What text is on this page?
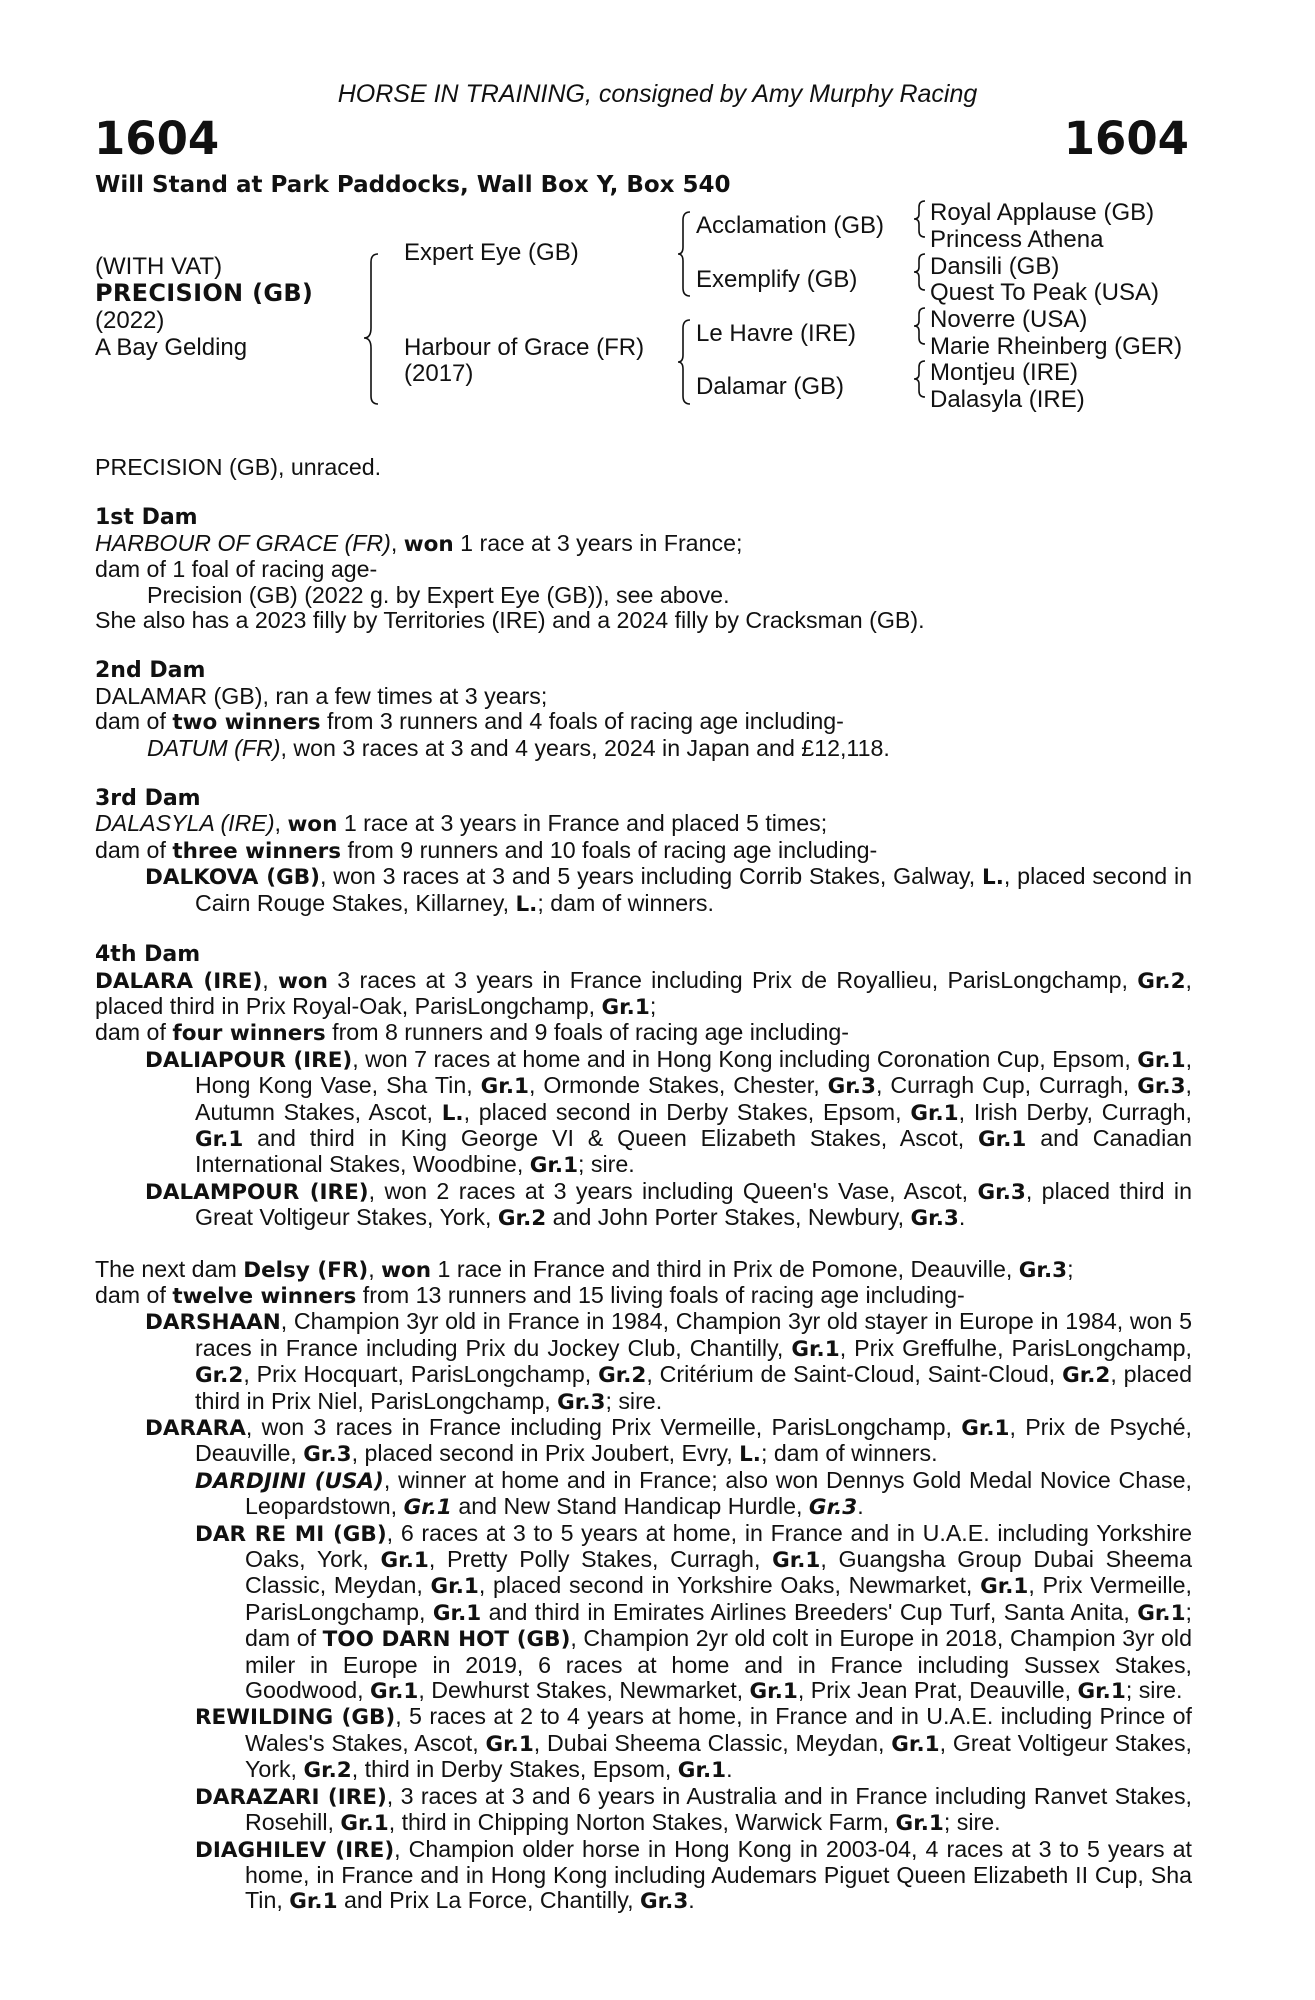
HORSE IN TRAINING, consigned by Amy Murphy Racing
1604	1604
Will Stand at Park Paddocks, Wall Box Y, Box 540
(WITH VAT)
PRECISION (GB)
(2022)
A Bay Gelding
Expert Eye (GB)
Harbour of Grace (FR)
(2017)
Acclamation (GB)
Exemplify (GB)
Le Havre (IRE)
Dalamar (GB)
Royal Applause (GB)
Princess Athena
Dansili (GB)
Quest To Peak (USA)
Noverre (USA)
Marie Rheinberg (GER)
Montjeu (IRE)
Dalasyla (IRE)

PRECISION (GB), unraced.

1st Dam

HARBOUR OF GRACE (FR), won 1 race at 3 years in France;

dam of 1 foal of racing age-

Precision (GB) (2022 g. by Expert Eye (GB)), see above.

She also has a 2023 filly by Territories (IRE) and a 2024 filly by Cracksman (GB).

2nd Dam

DALAMAR (GB), ran a few times at 3 years;

dam of two winners from 3 runners and 4 foals of racing age including-

DATUM (FR), won 3 races at 3 and 4 years, 2024 in Japan and £12,118.

3rd Dam

DALASYLA (IRE), won 1 race at 3 years in France and placed 5 times;

dam of three winners from 9 runners and 10 foals of racing age including-

DALKOVA (GB), won 3 races at 3 and 5 years including Corrib Stakes, Galway, L., placed second in Cairn Rouge Stakes, Killarney, L.; dam of winners.

4th Dam

DALARA (IRE), won 3 races at 3 years in France including Prix de Royallieu, ParisLongchamp, Gr.2, placed third in Prix Royal-Oak, ParisLongchamp, Gr.1;

dam of four winners from 8 runners and 9 foals of racing age including-

DALIAPOUR (IRE), won 7 races at home and in Hong Kong including Coronation Cup, Epsom, Gr.1, Hong Kong Vase, Sha Tin, Gr.1, Ormonde Stakes, Chester, Gr.3, Curragh Cup, Curragh, Gr.3, Autumn Stakes, Ascot, L., placed second in Derby Stakes, Epsom, Gr.1, Irish Derby, Curragh, Gr.1 and third in King George VI & Queen Elizabeth Stakes, Ascot, Gr.1 and Canadian International Stakes, Woodbine, Gr.1; sire.

DALAMPOUR (IRE), won 2 races at 3 years including Queen's Vase, Ascot, Gr.3, placed third in Great Voltigeur Stakes, York, Gr.2 and John Porter Stakes, Newbury, Gr.3.

The next dam Delsy (FR), won 1 race in France and third in Prix de Pomone, Deauville, Gr.3;

dam of twelve winners from 13 runners and 15 living foals of racing age including-

DARSHAAN, Champion 3yr old in France in 1984, Champion 3yr old stayer in Europe in 1984, won 5 races in France including Prix du Jockey Club, Chantilly, Gr.1, Prix Greffulhe, ParisLongchamp, Gr.2, Prix Hocquart, ParisLongchamp, Gr.2, Critérium de Saint-Cloud, Saint-Cloud, Gr.2, placed third in Prix Niel, ParisLongchamp, Gr.3; sire.

DARARA, won 3 races in France including Prix Vermeille, ParisLongchamp, Gr.1, Prix de Psyché, Deauville, Gr.3, placed second in Prix Joubert, Evry, L.; dam of winners.

DARDJINI (USA), winner at home and in France; also won Dennys Gold Medal Novice Chase, Leopardstown, Gr.1 and New Stand Handicap Hurdle, Gr.3.

DAR RE MI (GB), 6 races at 3 to 5 years at home, in France and in U.A.E. including Yorkshire Oaks, York, Gr.1, Pretty Polly Stakes, Curragh, Gr.1, Guangsha Group Dubai Sheema Classic, Meydan, Gr.1, placed second in Yorkshire Oaks, Newmarket, Gr.1, Prix Vermeille, ParisLongchamp, Gr.1 and third in Emirates Airlines Breeders' Cup Turf, Santa Anita, Gr.1; dam of TOO DARN HOT (GB), Champion 2yr old colt in Europe in 2018, Champion 3yr old miler in Europe in 2019, 6 races at home and in France including Sussex Stakes, Goodwood, Gr.1, Dewhurst Stakes, Newmarket, Gr.1, Prix Jean Prat, Deauville, Gr.1; sire.

REWILDING (GB), 5 races at 2 to 4 years at home, in France and in U.A.E. including Prince of Wales's Stakes, Ascot, Gr.1, Dubai Sheema Classic, Meydan, Gr.1, Great Voltigeur Stakes, York, Gr.2, third in Derby Stakes, Epsom, Gr.1.

DARAZARI (IRE), 3 races at 3 and 6 years in Australia and in France including Ranvet Stakes, Rosehill, Gr.1, third in Chipping Norton Stakes, Warwick Farm, Gr.1; sire.

DIAGHILEV (IRE), Champion older horse in Hong Kong in 2003-04, 4 races at 3 to 5 years at home, in France and in Hong Kong including Audemars Piguet Queen Elizabeth II Cup, Sha Tin, Gr.1 and Prix La Force, Chantilly, Gr.3.
